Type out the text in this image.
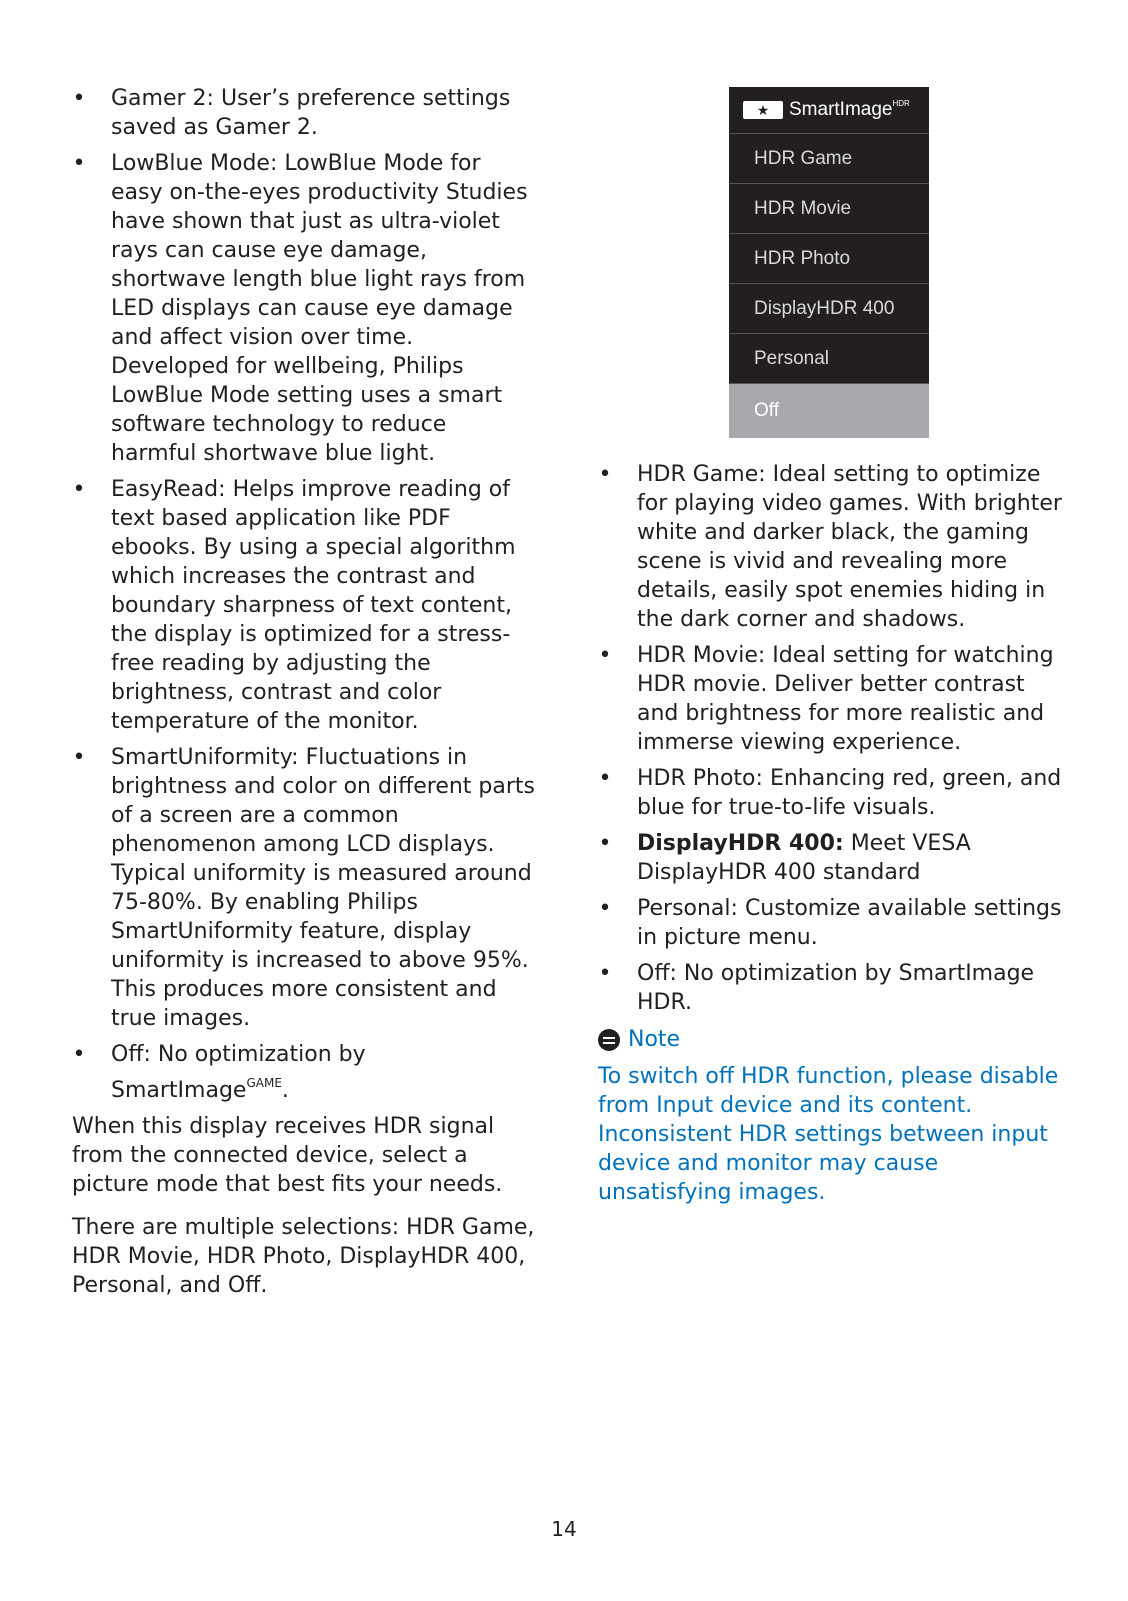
• Gamer 2: User’s preference settings saved as Gamer 2.
• LowBlue Mode: LowBlue Mode for easy on-the-eyes productivity Studies have shown that just as ultra-violet rays can cause eye damage, shortwave length blue light rays from LED displays can cause eye damage and affect vision over time. Developed for wellbeing, Philips LowBlue Mode setting uses a smart software technology to reduce harmful shortwave blue light.
• EasyRead: Helps improve reading of text based application like PDF ebooks. By using a special algorithm which increases the contrast and boundary sharpness of text content, the display is optimized for a stress-free reading by adjusting the brightness, contrast and color temperature of the monitor.
• SmartUniformity: Fluctuations in brightness and color on different parts of a screen are a common phenomenon among LCD displays. Typical uniformity is measured around 75-80%. By enabling Philips SmartUniformity feature, display uniformity is increased to above 95%. This produces more consistent and true images.
• Off: No optimization by SmartImage$^{GAME}$.

When this display receives HDR signal from the connected device, select a picture mode that best fits your needs.

There are multiple selections: HDR Game, HDR Movie, HDR Photo, DisplayHDR 400, Personal, and Off.

★	SmartImage$^{HDR}$
HDR Game
HDR Movie
HDR Photo
DisplayHDR 400
Personal
Off
• HDR Game: Ideal setting to optimize for playing video games. With brighter white and darker black, the gaming scene is vivid and revealing more details, easily spot enemies hiding in the dark corner and shadows.
• HDR Movie: Ideal setting for watching HDR movie. Deliver better contrast and brightness for more realistic and immerse viewing experience.
• HDR Photo: Enhancing red, green, and blue for true-to-life visuals.
• DisplayHDR 400: Meet VESA DisplayHDR 400 standard
• Personal: Customize available settings in picture menu.
• Off: No optimization by SmartImage HDR.
Note
To switch off HDR function, please disable from Input device and its content. Inconsistent HDR settings between input device and monitor may cause unsatisfying images.
14
